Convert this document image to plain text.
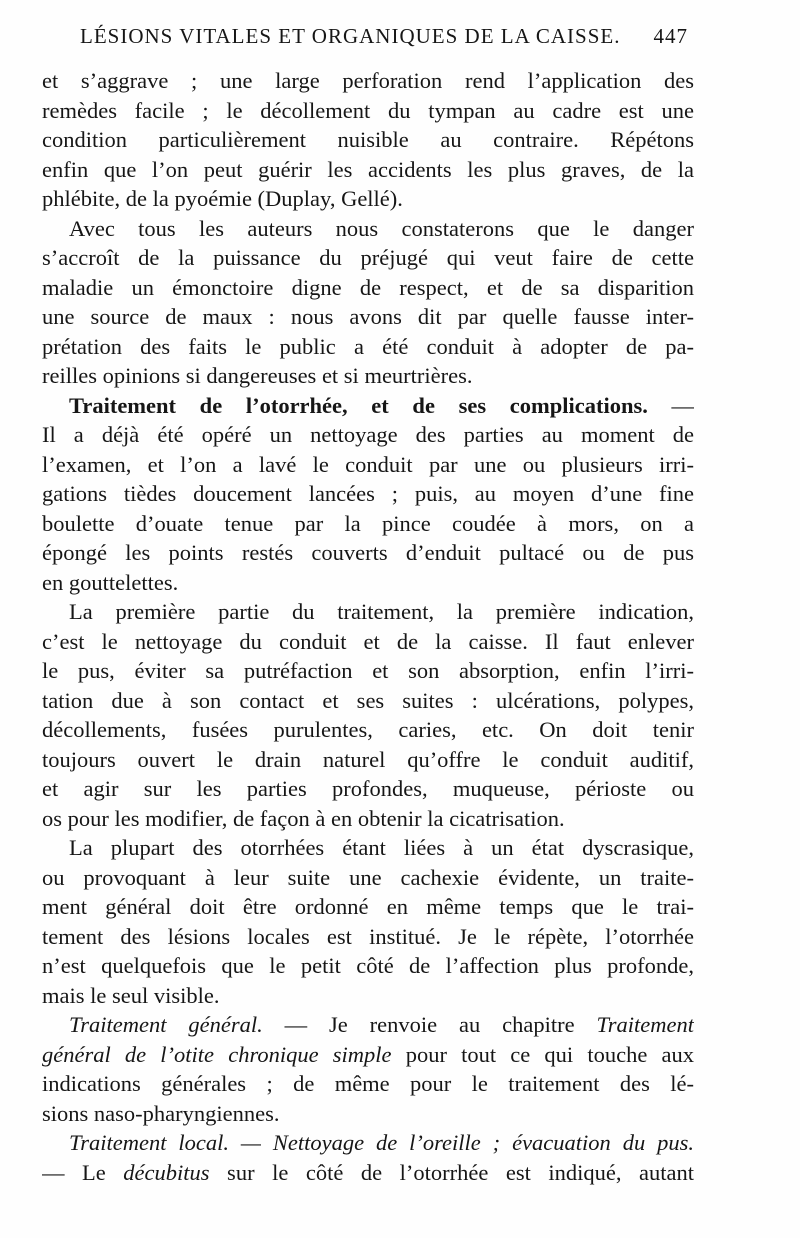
LÉSIONS VITALES ET ORGANIQUES DE LA CAISSE. 447
et s’aggrave ; une large perforation rend l’application des
remèdes facile ; le décollement du tympan au cadre est une
condition particulièrement nuisible au contraire. Répétons
enfin que l’on peut guérir les accidents les plus graves, de la
phlébite, de la pyoémie (Duplay, Gellé).
Avec tous les auteurs nous constaterons que le danger
s’accroît de la puissance du préjugé qui veut faire de cette
maladie un émonctoire digne de respect, et de sa disparition
une source de maux : nous avons dit par quelle fausse inter-
prétation des faits le public a été conduit à adopter de pa-
reilles opinions si dangereuses et si meurtrières.
Traitement de l’otorrhée, et de ses complications. —
Il a déjà été opéré un nettoyage des parties au moment de
l’examen, et l’on a lavé le conduit par une ou plusieurs irri-
gations tièdes doucement lancées ; puis, au moyen d’une fine
boulette d’ouate tenue par la pince coudée à mors, on a
épongé les points restés couverts d’enduit pultacé ou de pus
en gouttelettes.
La première partie du traitement, la première indication,
c’est le nettoyage du conduit et de la caisse. Il faut enlever
le pus, éviter sa putréfaction et son absorption, enfin l’irri-
tation due à son contact et ses suites : ulcérations, polypes,
décollements, fusées purulentes, caries, etc. On doit tenir
toujours ouvert le drain naturel qu’offre le conduit auditif,
et agir sur les parties profondes, muqueuse, périoste ou
os pour les modifier, de façon à en obtenir la cicatrisation.
La plupart des otorrhées étant liées à un état dyscrasique,
ou provoquant à leur suite une cachexie évidente, un traite-
ment général doit être ordonné en même temps que le trai-
tement des lésions locales est institué. Je le répète, l’otorrhée
n’est quelquefois que le petit côté de l’affection plus profonde,
mais le seul visible.
Traitement général. — Je renvoie au chapitre Traitement
général de l’otite chronique simple pour tout ce qui touche aux
indications générales ; de même pour le traitement des lé-
sions naso-pharyngiennes.
Traitement local. — Nettoyage de l’oreille ; évacuation du pus.
— Le décubitus sur le côté de l’otorrhée est indiqué, autant
